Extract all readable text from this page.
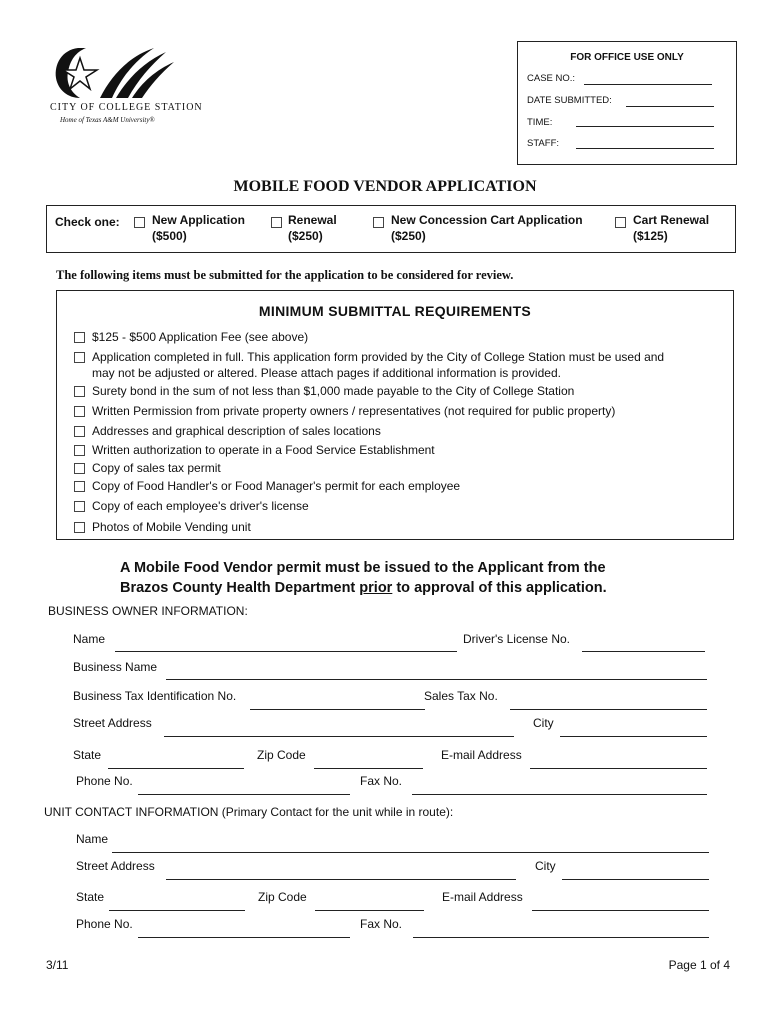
CITY OF COLLEGE STATION
Home of Texas A&M University®
FOR OFFICE USE ONLY
CASE NO.:
DATE SUBMITTED:
TIME:
STAFF:
MOBILE FOOD VENDOR APPLICATION
Check one:	New Application
($500)
Renewal
($250)
New Concession Cart Application
($250)
Cart Renewal
($125)
The following items must be submitted for the application to be considered for review.
MINIMUM SUBMITTAL REQUIREMENTS
$125 - $500 Application Fee (see above)
Application completed in full. This application form provided by the City of College Station must be used and
may not be adjusted or altered. Please attach pages if additional information is provided.
Surety bond in the sum of not less than $1,000 made payable to the City of College Station
Written Permission from private property owners / representatives (not required for public property)
Addresses and graphical description of sales locations
Written authorization to operate in a Food Service Establishment
Copy of sales tax permit
Copy of Food Handler's or Food Manager's permit for each employee
Copy of each employee's driver's license
Photos of Mobile Vending unit
A Mobile Food Vendor permit must be issued to the Applicant from the
Brazos County Health Department prior to approval of this application.
BUSINESS OWNER INFORMATION:
Name	Driver's License No.
Business Name
Business Tax Identification No.	Sales Tax No.
Street Address	City
State	Zip Code	E-mail Address
Phone No.	Fax No.
UNIT CONTACT INFORMATION (Primary Contact for the unit while in route):
Name
Street Address	City
State	Zip Code	E-mail Address
Phone No.	Fax No.
3/11	Page 1 of 4
